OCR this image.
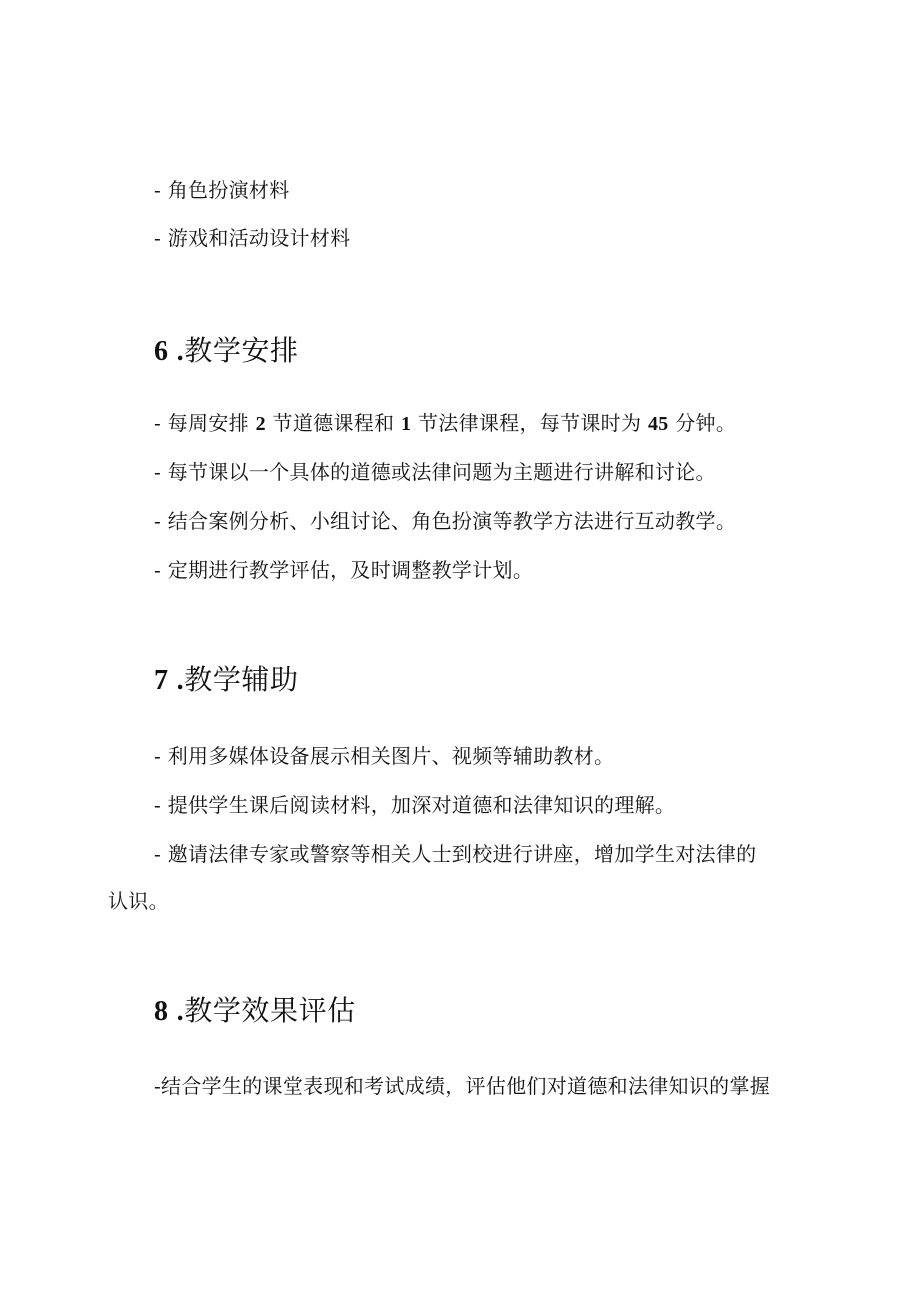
- 角色扮演材料
- 游戏和活动设计材料
6 .教学安排
- 每周安排 2 节道德课程和 1 节法律课程，每节课时为 45 分钟。
- 每节课以一个具体的道德或法律问题为主题进行讲解和讨论。
- 结合案例分析、小组讨论、角色扮演等教学方法进行互动教学。
- 定期进行教学评估，及时调整教学计划。
7 .教学辅助
- 利用多媒体设备展示相关图片、视频等辅助教材。
- 提供学生课后阅读材料，加深对道德和法律知识的理解。
- 邀请法律专家或警察等相关人士到校进行讲座，增加学生对法律的
认识。
8 .教学效果评估
-结合学生的课堂表现和考试成绩，评估他们对道德和法律知识的掌握
